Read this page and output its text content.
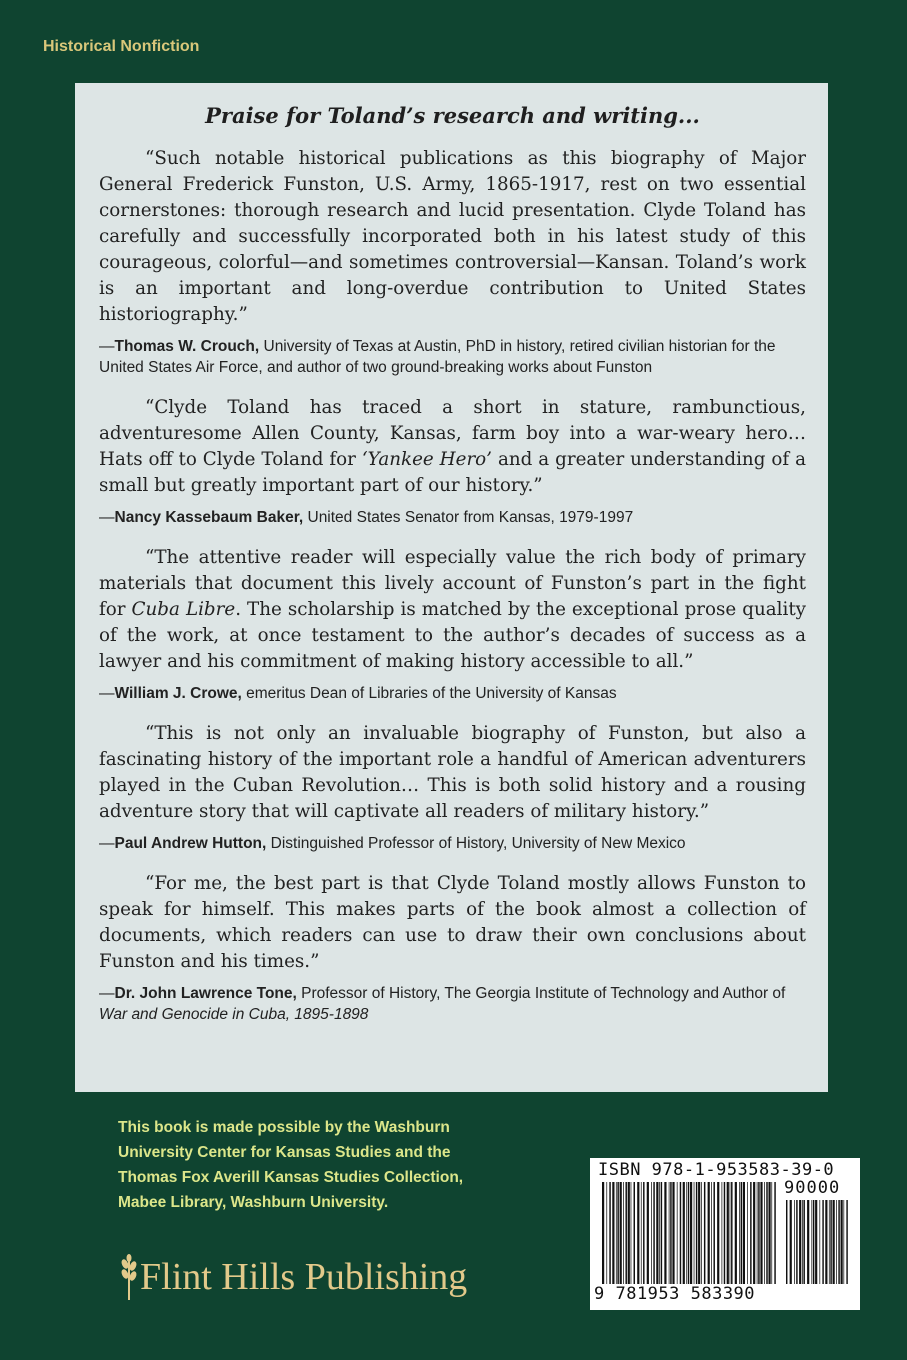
Historical Nonfiction
Praise for Toland’s research and writing...

“Such notable historical publications as this biography of Major General Frederick Funston, U.S. Army, 1865-1917, rest on two essential cornerstones: thorough research and lucid presentation. Clyde Toland has carefully and successfully incorporated both in his latest study of this courageous, colorful—and sometimes controversial—Kansan. Toland’s work is an important and long-overdue contribution to United States historiography.”

—Thomas W. Crouch, University of Texas at Austin, PhD in history, retired civilian historian for the United States Air Force, and author of two ground-breaking works about Funston

“Clyde Toland has traced a short in stature, rambunctious, adventuresome Allen County, Kansas, farm boy into a war-weary hero… Hats off to Clyde Toland for ‘Yankee Hero’ and a greater understanding of a small but greatly important part of our history.”

—Nancy Kassebaum Baker, United States Senator from Kansas, 1979-1997

“The attentive reader will especially value the rich body of primary materials that document this lively account of Funston’s part in the fight for Cuba Libre. The scholarship is matched by the exceptional prose quality of the work, at once testament to the author’s decades of success as a lawyer and his commitment of making history accessible to all.”

—William J. Crowe, emeritus Dean of Libraries of the University of Kansas

“This is not only an invaluable biography of Funston, but also a fascinating history of the important role a handful of American adventurers played in the Cuban Revolution… This is both solid history and a rousing adventure story that will captivate all readers of military history.”

—Paul Andrew Hutton, Distinguished Professor of History, University of New Mexico

“For me, the best part is that Clyde Toland mostly allows Funston to speak for himself. This makes parts of the book almost a collection of documents, which readers can use to draw their own conclusions about Funston and his times.”

—Dr. John Lawrence Tone, Professor of History, The Georgia Institute of Technology and Author of War and Genocide in Cuba, 1895-1898
This book is made possible by the Washburn
University Center for Kansas Studies and the
Thomas Fox Averill Kansas Studies Collection,
Mabee Library, Washburn University.
Flint Hills Publishing
ISBN 978-1-953583-39-0
90000
9 781953 583390
